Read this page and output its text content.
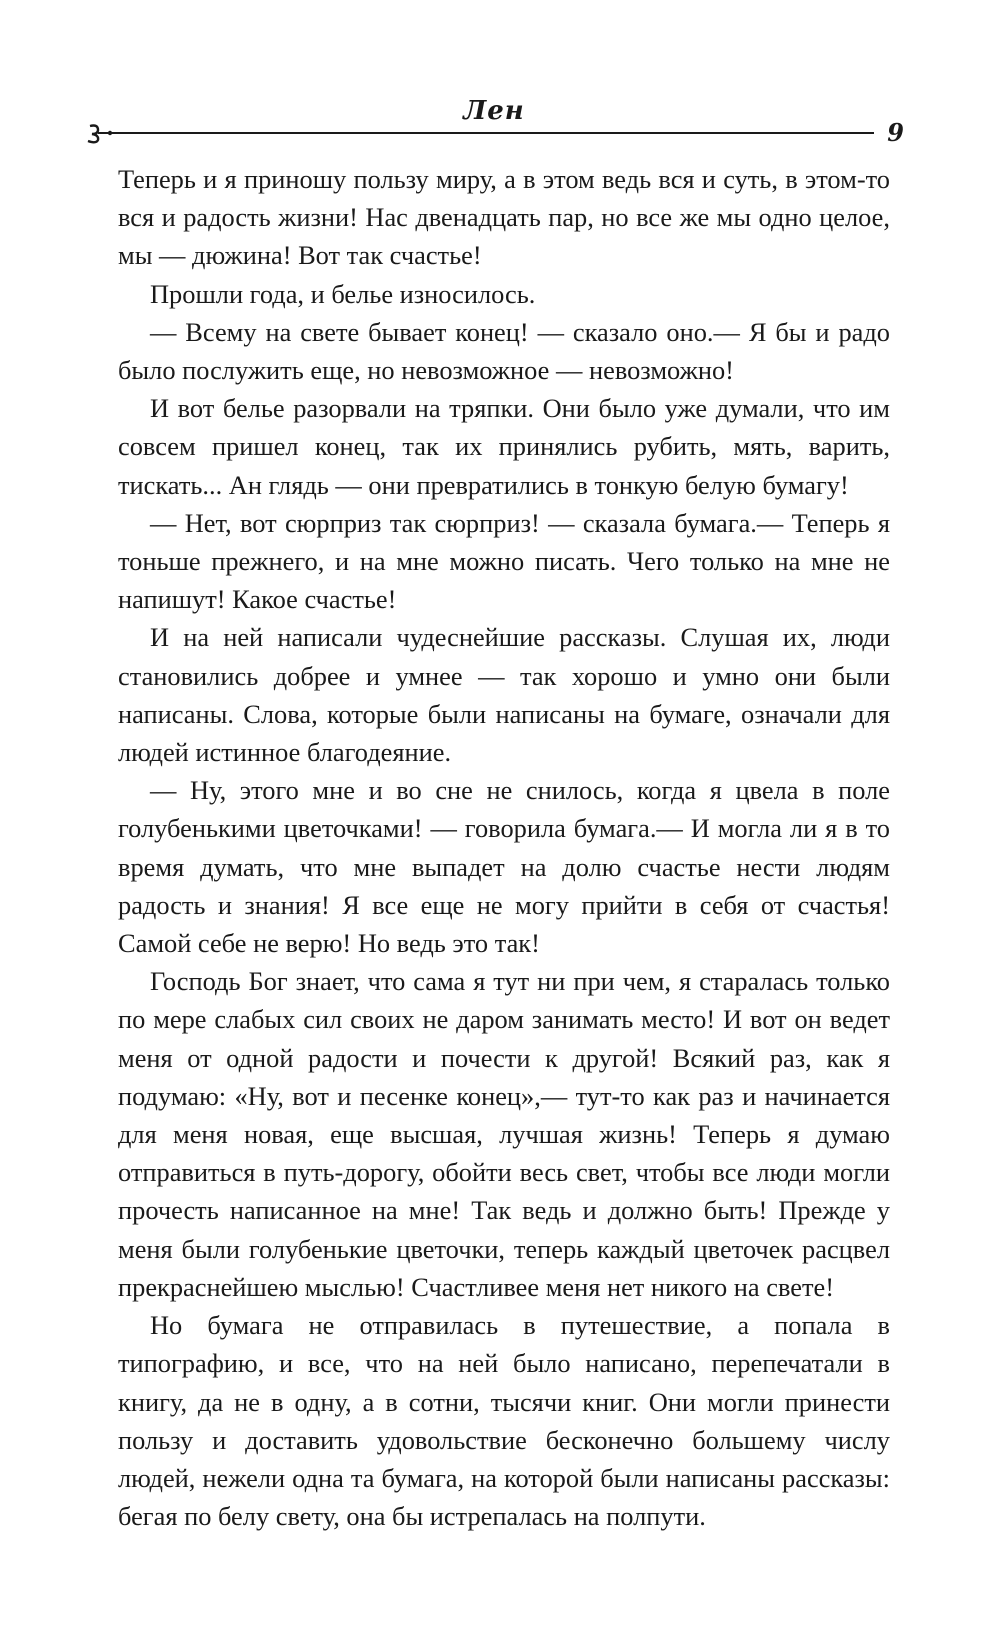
Лен
9

Теперь и я приношу пользу миру, а в этом ведь вся и суть, в этом-то вся и радость жизни! Нас двенадцать пар, но все же мы одно целое, мы — дюжина! Вот так счастье!

Прошли года, и белье износилось.

— Всему на свете бывает конец! — сказало оно.— Я бы и радо было послужить еще, но невозможное — невозможно!

И вот белье разорвали на тряпки. Они было уже думали, что им совсем пришел конец, так их принялись рубить, мять, варить, тискать... Ан глядь — они превратились в тонкую белую бумагу!

— Нет, вот сюрприз так сюрприз! — сказала бумага.— Теперь я тоньше прежнего, и на мне можно писать. Чего только на мне не напишут! Какое счастье!

И на ней написали чудеснейшие рассказы. Слушая их, люди становились добрее и умнее — так хорошо и умно они были написаны. Слова, которые были написаны на бумаге, означали для людей истинное благодеяние.

— Ну, этого мне и во сне не снилось, когда я цвела в поле голубенькими цветочками! — говорила бумага.— И могла ли я в то время думать, что мне выпадет на долю счастье нести людям радость и знания! Я все еще не могу прийти в себя от счастья! Самой себе не верю! Но ведь это так!

Господь Бог знает, что сама я тут ни при чем, я старалась только по мере слабых сил своих не даром занимать место! И вот он ведет меня от одной радости и почести к другой! Всякий раз, как я подумаю: «Ну, вот и песенке конец»,— тут-то как раз и начинается для меня новая, еще высшая, лучшая жизнь! Теперь я думаю отправиться в путь-дорогу, обойти весь свет, чтобы все люди могли прочесть написанное на мне! Так ведь и должно быть! Прежде у меня были голубенькие цветочки, теперь каждый цветочек расцвел прекраснейшею мыслью! Счастливее меня нет никого на свете!

Но бумага не отправилась в путешествие, а попала в типографию, и все, что на ней было написано, перепечатали в книгу, да не в одну, а в сотни, тысячи книг. Они могли принести пользу и доставить удовольствие бесконечно большему числу людей, нежели одна та бумага, на которой были написаны рассказы: бегая по белу свету, она бы истрепалась на полпути.
